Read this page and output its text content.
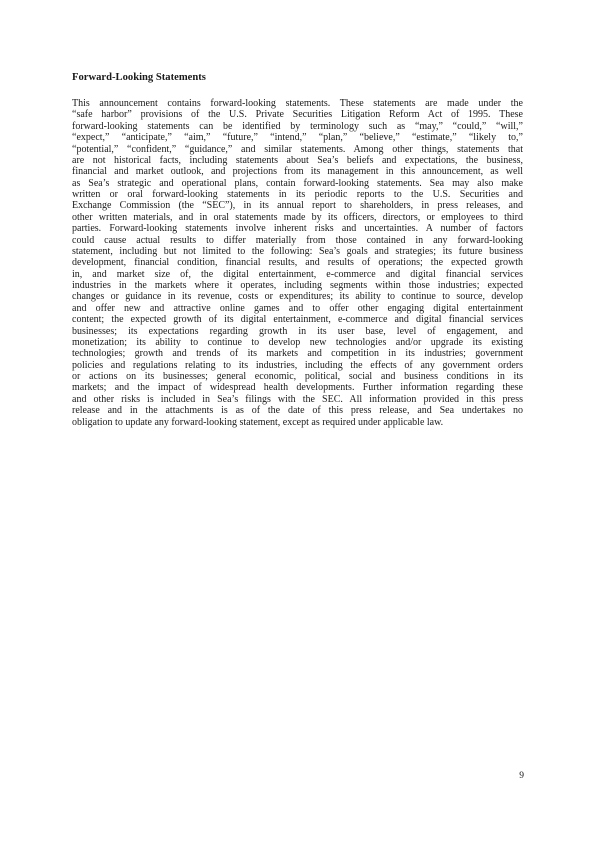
Forward-Looking Statements
This announcement contains forward-looking statements. These statements are made under the
“safe harbor” provisions of the U.S. Private Securities Litigation Reform Act of 1995. These
forward-looking statements can be identified by terminology such as “may,” “could,” “will,”
“expect,” “anticipate,” “aim,” “future,” “intend,” “plan,” “believe,” “estimate,” “likely to,”
“potential,” “confident,” “guidance,” and similar statements. Among other things, statements that
are not historical facts, including statements about Sea’s beliefs and expectations, the business,
financial and market outlook, and projections from its management in this announcement, as well
as Sea’s strategic and operational plans, contain forward-looking statements. Sea may also make
written or oral forward-looking statements in its periodic reports to the U.S. Securities and
Exchange Commission (the “SEC”), in its annual report to shareholders, in press releases, and
other written materials, and in oral statements made by its officers, directors, or employees to third
parties. Forward-looking statements involve inherent risks and uncertainties. A number of factors
could cause actual results to differ materially from those contained in any forward-looking
statement, including but not limited to the following: Sea’s goals and strategies; its future business
development, financial condition, financial results, and results of operations; the expected growth
in, and market size of, the digital entertainment, e-commerce and digital financial services
industries in the markets where it operates, including segments within those industries; expected
changes or guidance in its revenue, costs or expenditures; its ability to continue to source, develop
and offer new and attractive online games and to offer other engaging digital entertainment
content; the expected growth of its digital entertainment, e-commerce and digital financial services
businesses; its expectations regarding growth in its user base, level of engagement, and
monetization; its ability to continue to develop new technologies and/or upgrade its existing
technologies; growth and trends of its markets and competition in its industries; government
policies and regulations relating to its industries, including the effects of any government orders
or actions on its businesses; general economic, political, social and business conditions in its
markets; and the impact of widespread health developments. Further information regarding these
and other risks is included in Sea’s filings with the SEC. All information provided in this press
release and in the attachments is as of the date of this press release, and Sea undertakes no
obligation to update any forward-looking statement, except as required under applicable law.
9
